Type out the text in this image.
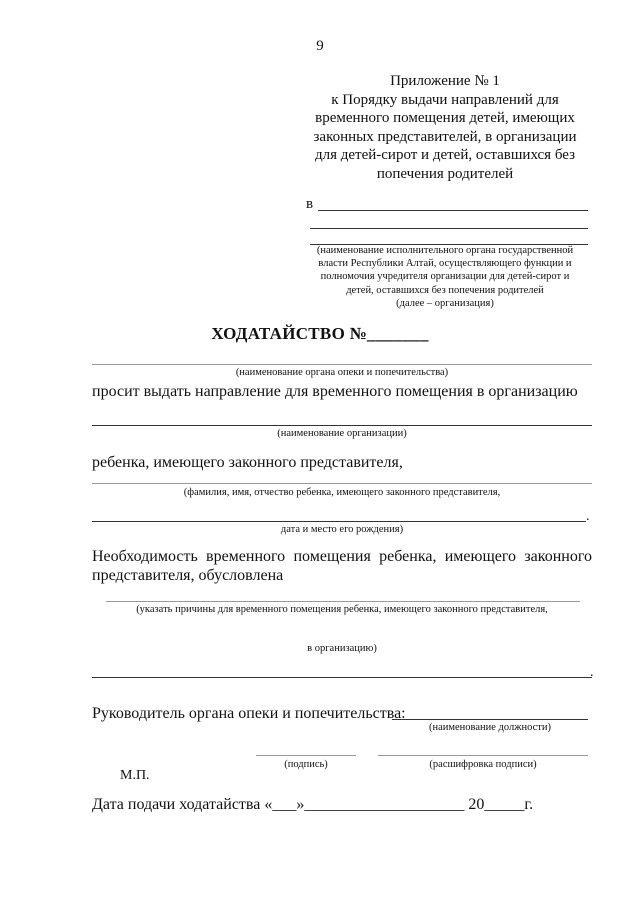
9
Приложение № 1
к Порядку выдачи направлений для
временного помещения детей, имеющих
законных представителей, в организации
для детей-сирот и детей, оставшихся без
попечения родителей
в
(наименование исполнительного органа государственной
власти Республики Алтай, осуществляющего функции и
полномочия учредителя организации для детей-сирот и
детей, оставшихся без попечения родителей
(далее – организация)
ХОДАТАЙСТВО №_______
(наименование органа опеки и попечительства)
просит выдать направление для временного помещения в организацию
(наименование организации)
ребенка, имеющего законного представителя,
(фамилия, имя, отчество ребенка, имеющего законного представителя,
.
дата и место его рождения)
Необходимость временного помещения ребенка, имеющего законного
представителя, обусловлена
(указать причины для временного помещения ребенка, имеющего законного представителя,
в организацию)
.
Руководитель органа опеки и попечительства:
(наименование должности)
(подпись)	(расшифровка подписи)
М.П.
Дата подачи ходатайства «___»____________________ 20_____г.
